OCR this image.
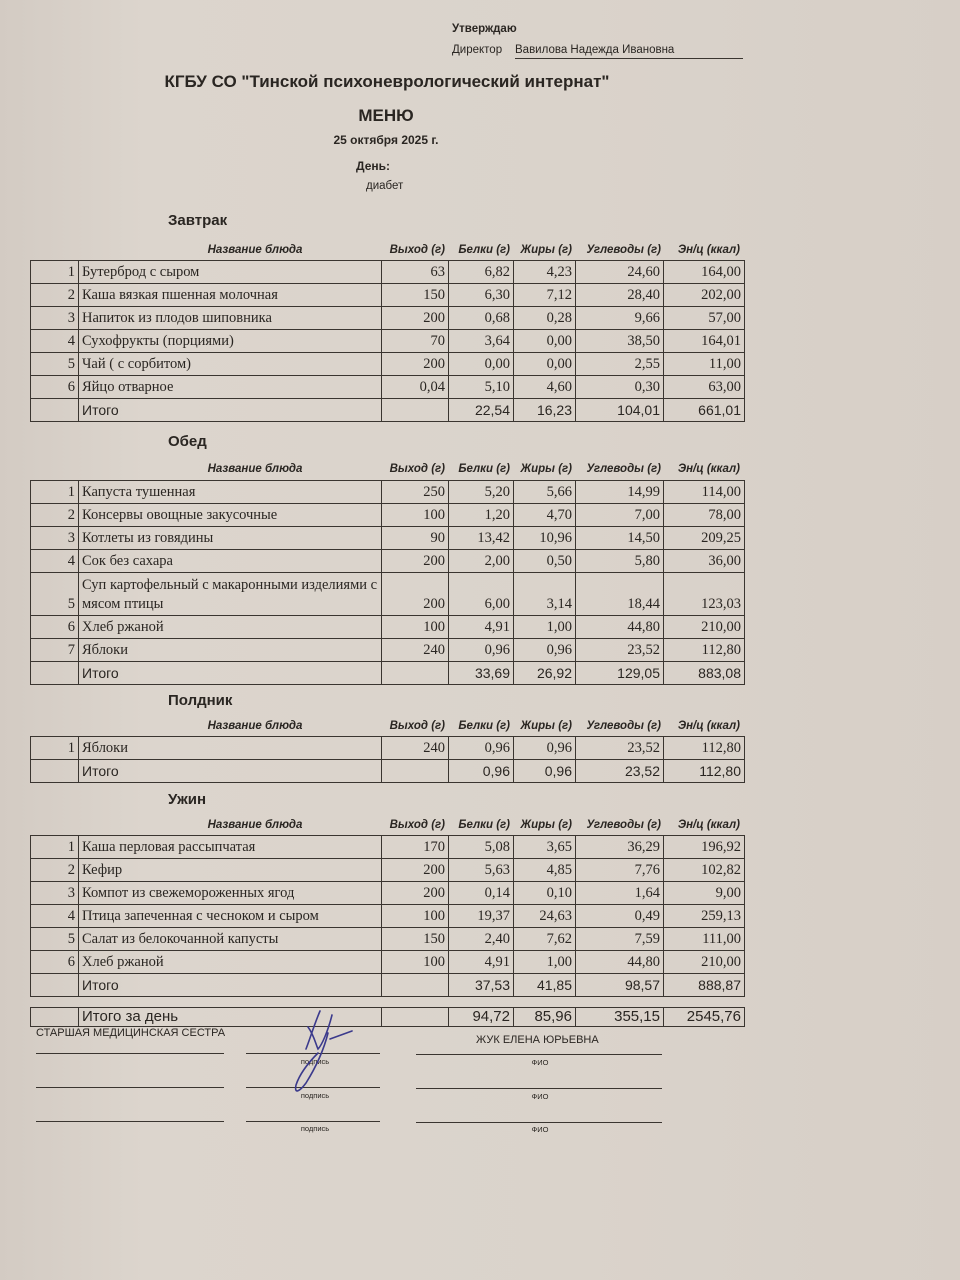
Утверждаю
Директор Вавилова Надежда Ивановна
КГБУ СО "Тинской психоневрологический интернат"
МЕНЮ
25 октября 2025 г.
День:
диабет
Завтрак
Название блюда	Выход (г)	Белки (г) Жиры (г)	Углеводы (г)	Эн/ц (ккал)
1	Бутерброд с сыром	63	6,82	4,23	24,60	164,00
2	Каша вязкая пшенная молочная	150	6,30	7,12	28,40	202,00
3	Напиток из плодов шиповника	200	0,68	0,28	9,66	57,00
4	Сухофрукты (порциями)	70	3,64	0,00	38,50	164,01
5	Чай ( с сорбитом)	200	0,00	0,00	2,55	11,00
6	Яйцо отварное	0,04	5,10	4,60	0,30	63,00
	Итого		22,54	16,23	104,01	661,01
Обед
Название блюда	Выход (г)	Белки (г) Жиры (г)	Углеводы (г)	Эн/ц (ккал)
1	Капуста тушенная	250	5,20	5,66	14,99	114,00
2	Консервы овощные закусочные	100	1,20	4,70	7,00	78,00
3	Котлеты из говядины	90	13,42	10,96	14,50	209,25
4	Сок без сахара	200	2,00	0,50	5,80	36,00
5	Суп картофельный с макаронными изделиями с мясом птицы	200	6,00	3,14	18,44	123,03
6	Хлеб ржаной	100	4,91	1,00	44,80	210,00
7	Яблоки	240	0,96	0,96	23,52	112,80
	Итого		33,69	26,92	129,05	883,08
Полдник
Название блюда	Выход (г)	Белки (г) Жиры (г)	Углеводы (г)	Эн/ц (ккал)
1	Яблоки	240	0,96	0,96	23,52	112,80
	Итого		0,96	0,96	23,52	112,80
Ужин
Название блюда	Выход (г)	Белки (г) Жиры (г)	Углеводы (г)	Эн/ц (ккал)
1	Каша перловая рассыпчатая	170	5,08	3,65	36,29	196,92
2	Кефир	200	5,63	4,85	7,76	102,82
3	Компот из свежемороженных ягод	200	0,14	0,10	1,64	9,00
4	Птица запеченная с чесноком и сыром	100	19,37	24,63	0,49	259,13
5	Салат из белокочанной капусты	150	2,40	7,62	7,59	111,00
6	Хлеб ржаной	100	4,91	1,00	44,80	210,00
	Итого		37,53	41,85	98,57	888,87
	Итого за день		94,72	85,96	355,15	2545,76
СТАРШАЯ МЕДИЦИНСКАЯ СЕСТРА
ЖУК ЕЛЕНА ЮРЬЕВНА
подпись	ФИО
подпись	ФИО
подпись	ФИО
